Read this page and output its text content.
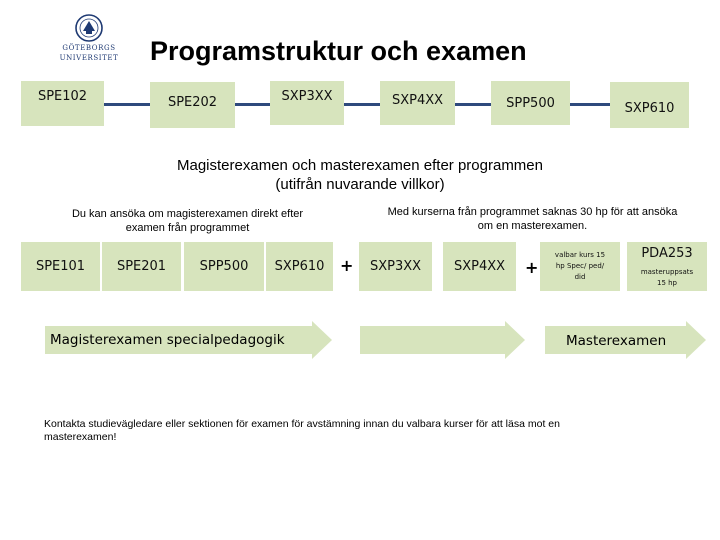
GÖTEBORGS
UNIVERSITET Programstruktur och examen
SPE102	SPE202	SXP3XX	SXP4XX	SPP500	SXP610
Magisterexamen och masterexamen efter programmen
(utifrån nuvarande villkor)
Du kan ansöka om magisterexamen direkt efter
examen från programmet
Med kurserna från programmet saknas 30 hp för att ansöka
om en masterexamen.
SPE101 SPE201	SPP500 SXP610 + SXP3XX	SXP4XX +
valbar kurs 15
hp Spec/ ped/
did
PDA253
masteruppsats
15 hp
Magisterexamen specialpedagogik	Masterexamen
Kontakta studievägledare eller sektionen för examen för avstämning innan du valbara kurser för att läsa mot en
masterexamen!
